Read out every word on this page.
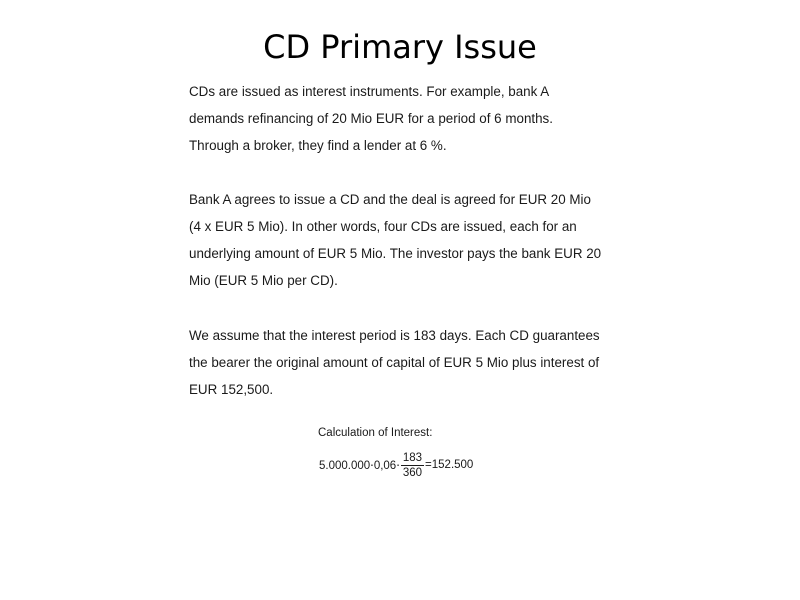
CD Primary Issue
CDs are issued as interest instruments. For example, bank A
demands refinancing of 20 Mio EUR for a period of 6 months.
Through a broker, they find a lender at 6 %.
Bank A agrees to issue a CD and the deal is agreed for EUR 20 Mio
(4 x EUR 5 Mio). In other words, four CDs are issued, each for an
underlying amount of EUR 5 Mio. The investor pays the bank EUR 20
Mio (EUR 5 Mio per CD).
We assume that the interest period is 183 days. Each CD guarantees
the bearer the original amount of capital of EUR 5 Mio plus interest of
EUR 152,500.
Calculation of Interest:
$5.000.000\cdot 0,06\cdot \frac{183}{360} =152.500$
